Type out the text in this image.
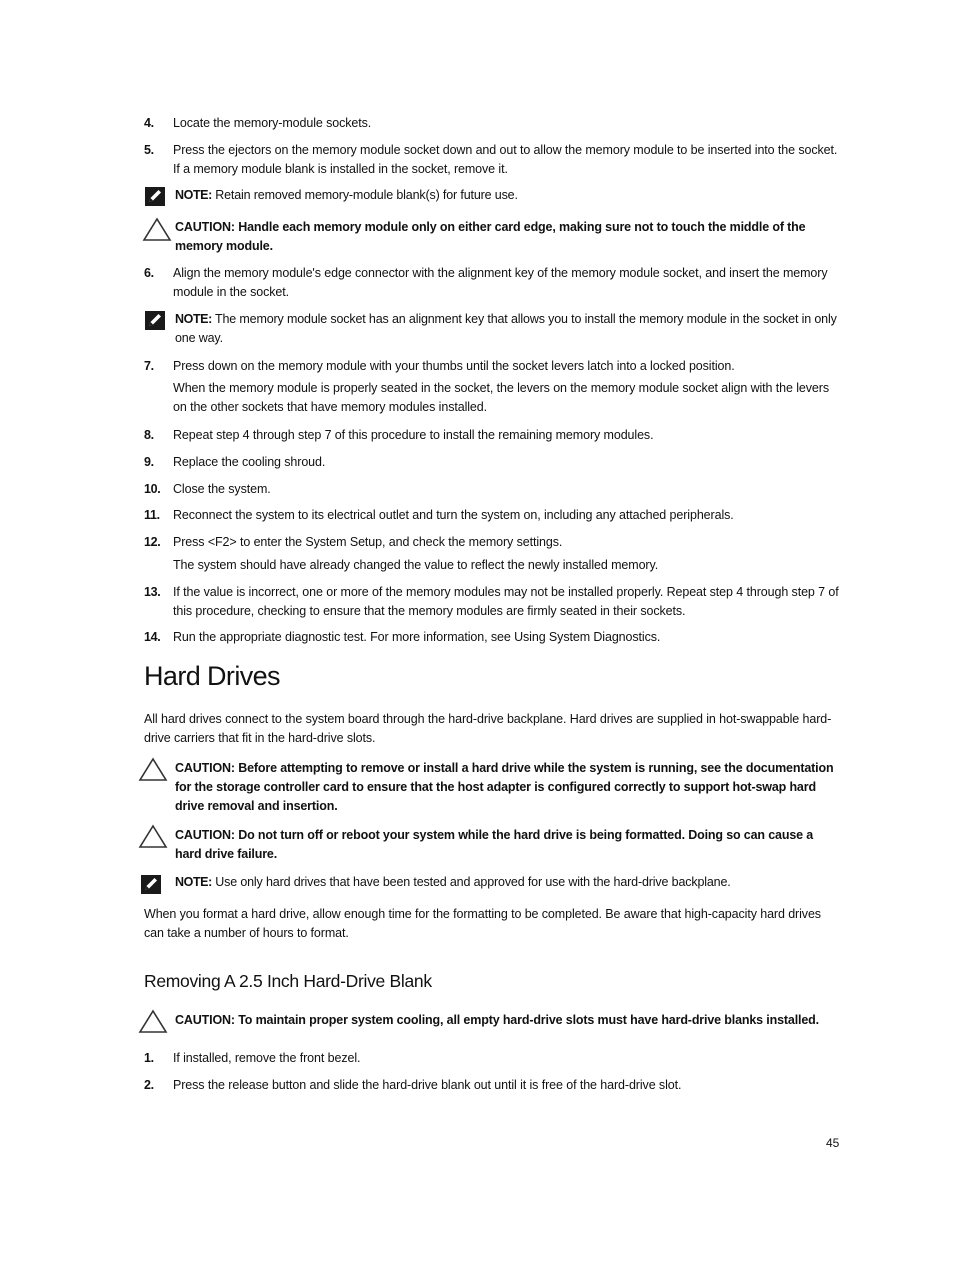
4. Locate the memory-module sockets.
5. Press the ejectors on the memory module socket down and out to allow the memory module to be inserted into the socket. If a memory module blank is installed in the socket, remove it.
NOTE: Retain removed memory-module blank(s) for future use.
CAUTION: Handle each memory module only on either card edge, making sure not to touch the middle of the memory module.
6. Align the memory module's edge connector with the alignment key of the memory module socket, and insert the memory module in the socket.
NOTE: The memory module socket has an alignment key that allows you to install the memory module in the socket in only one way.
7. Press down on the memory module with your thumbs until the socket levers latch into a locked position.
When the memory module is properly seated in the socket, the levers on the memory module socket align with the levers on the other sockets that have memory modules installed.
8. Repeat step 4 through step 7 of this procedure to install the remaining memory modules.
9. Replace the cooling shroud.
10. Close the system.
11. Reconnect the system to its electrical outlet and turn the system on, including any attached peripherals.
12. Press <F2> to enter the System Setup, and check the memory settings.
The system should have already changed the value to reflect the newly installed memory.
13. If the value is incorrect, one or more of the memory modules may not be installed properly. Repeat step 4 through step 7 of this procedure, checking to ensure that the memory modules are firmly seated in their sockets.
14. Run the appropriate diagnostic test. For more information, see Using System Diagnostics.
Hard Drives
All hard drives connect to the system board through the hard-drive backplane. Hard drives are supplied in hot-swappable hard-drive carriers that fit in the hard-drive slots.
CAUTION: Before attempting to remove or install a hard drive while the system is running, see the documentation for the storage controller card to ensure that the host adapter is configured correctly to support hot-swap hard drive removal and insertion.
CAUTION: Do not turn off or reboot your system while the hard drive is being formatted. Doing so can cause a hard drive failure.
NOTE: Use only hard drives that have been tested and approved for use with the hard-drive backplane.
When you format a hard drive, allow enough time for the formatting to be completed. Be aware that high-capacity hard drives can take a number of hours to format.
Removing A 2.5 Inch Hard-Drive Blank
CAUTION: To maintain proper system cooling, all empty hard-drive slots must have hard-drive blanks installed.
1. If installed, remove the front bezel.
2. Press the release button and slide the hard-drive blank out until it is free of the hard-drive slot.
45
